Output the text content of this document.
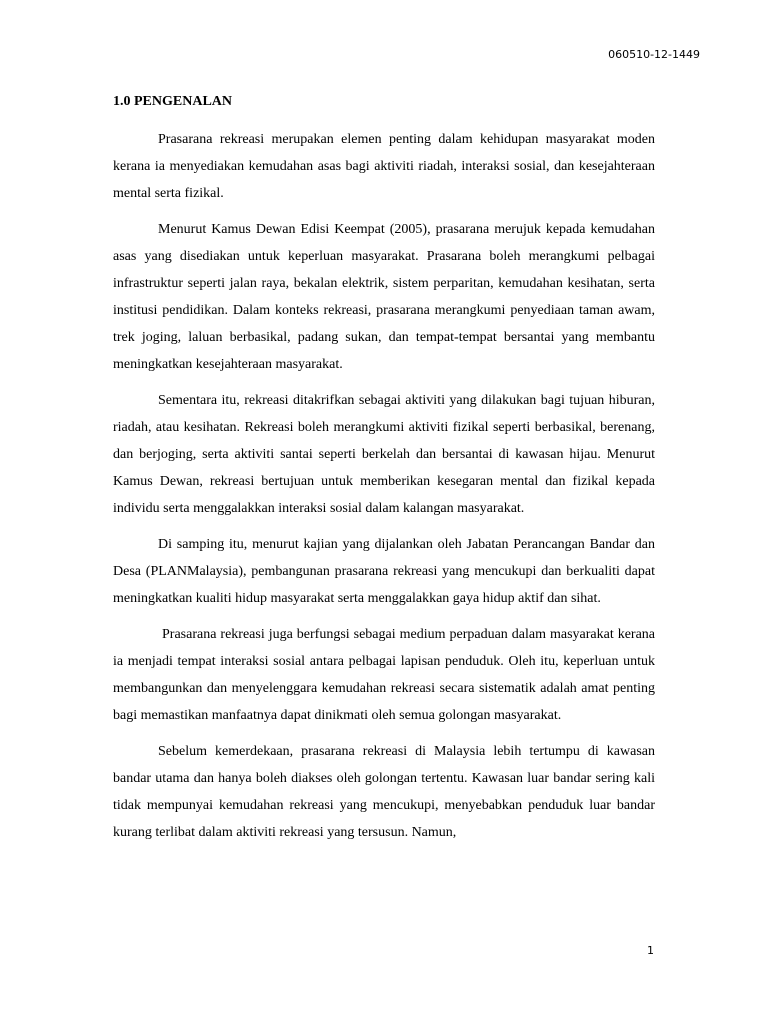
060510-12-1449
1.0 PENGENALAN

Prasarana rekreasi merupakan elemen penting dalam kehidupan masyarakat moden kerana ia menyediakan kemudahan asas bagi aktiviti riadah, interaksi sosial, dan kesejahteraan mental serta fizikal.

Menurut Kamus Dewan Edisi Keempat (2005), prasarana merujuk kepada kemudahan asas yang disediakan untuk keperluan masyarakat. Prasarana boleh merangkumi pelbagai infrastruktur seperti jalan raya, bekalan elektrik, sistem perparitan, kemudahan kesihatan, serta institusi pendidikan. Dalam konteks rekreasi, prasarana merangkumi penyediaan taman awam, trek joging, laluan berbasikal, padang sukan, dan tempat-tempat bersantai yang membantu meningkatkan kesejahteraan masyarakat.

Sementara itu, rekreasi ditakrifkan sebagai aktiviti yang dilakukan bagi tujuan hiburan, riadah, atau kesihatan. Rekreasi boleh merangkumi aktiviti fizikal seperti berbasikal, berenang, dan berjoging, serta aktiviti santai seperti berkelah dan bersantai di kawasan hijau. Menurut Kamus Dewan, rekreasi bertujuan untuk memberikan kesegaran mental dan fizikal kepada individu serta menggalakkan interaksi sosial dalam kalangan masyarakat.

Di samping itu, menurut kajian yang dijalankan oleh Jabatan Perancangan Bandar dan Desa (PLANMalaysia), pembangunan prasarana rekreasi yang mencukupi dan berkualiti dapat meningkatkan kualiti hidup masyarakat serta menggalakkan gaya hidup aktif dan sihat.

Prasarana rekreasi juga berfungsi sebagai medium perpaduan dalam masyarakat kerana ia menjadi tempat interaksi sosial antara pelbagai lapisan penduduk. Oleh itu, keperluan untuk membangunkan dan menyelenggara kemudahan rekreasi secara sistematik adalah amat penting bagi memastikan manfaatnya dapat dinikmati oleh semua golongan masyarakat.

Sebelum kemerdekaan, prasarana rekreasi di Malaysia lebih tertumpu di kawasan bandar utama dan hanya boleh diakses oleh golongan tertentu. Kawasan luar bandar sering kali tidak mempunyai kemudahan rekreasi yang mencukupi, menyebabkan penduduk luar bandar kurang terlibat dalam aktiviti rekreasi yang tersusun. Namun,

1
